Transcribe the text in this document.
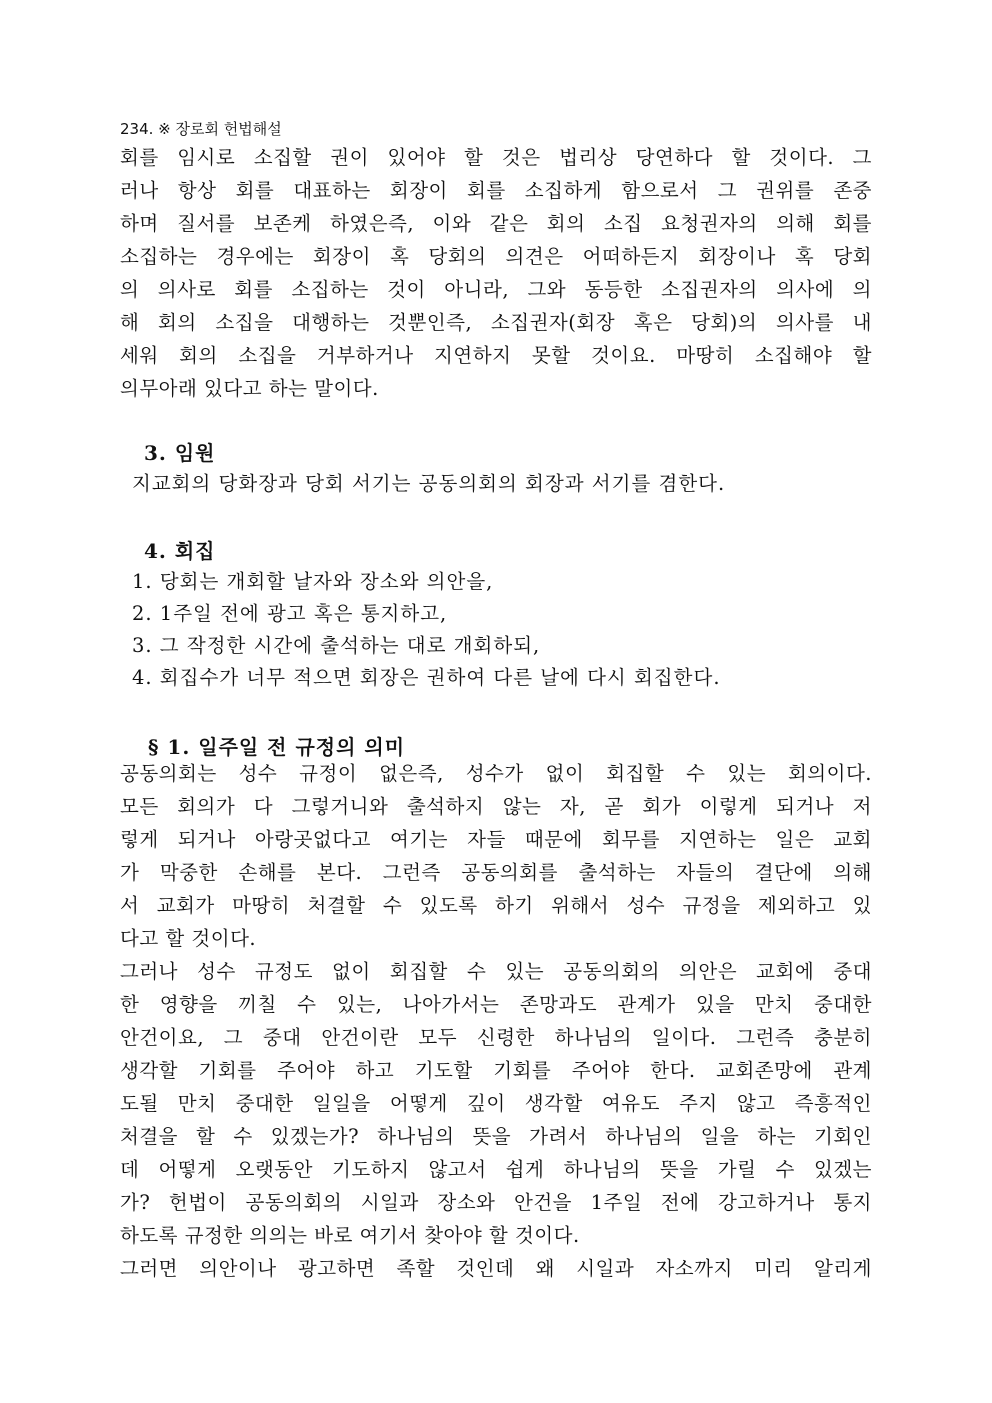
234. ※ 장로회 헌법해설
회를 임시로 소집할 권이 있어야 할 것은 법리상 당연하다 할 것이다. 그
러나 항상 회를 대표하는 회장이 회를 소집하게 함으로서 그 권위를 존중
하며 질서를 보존케 하였은즉, 이와 같은 회의 소집 요청권자의 의해 회를
소집하는 경우에는 회장이 혹 당회의 의견은 어떠하든지 회장이나 혹 당회
의 의사로 회를 소집하는 것이 아니라, 그와 동등한 소집권자의 의사에 의
해 회의 소집을 대행하는 것뿐인즉, 소집권자(회장 혹은 당회)의 의사를 내
세워 회의 소집을 거부하거나 지연하지 못할 것이요. 마땅히 소집해야 할
의무아래 있다고 하는 말이다.
3. 임원
지교회의 당화장과 당회 서기는 공동의회의 회장과 서기를 겸한다.
4. 회집
1. 당회는 개회할 날자와 장소와 의안을,
2. 1주일 전에 광고 혹은 통지하고,
3. 그 작정한 시간에 출석하는 대로 개회하되,
4. 회집수가 너무 적으면 회장은 권하여 다른 날에 다시 회집한다.
§ 1. 일주일 전 규정의 의미
공동의회는 성수 규정이 없은즉, 성수가 없이 회집할 수 있는 회의이다.
모든 회의가 다 그렇거니와 출석하지 않는 자, 곧 회가 이렇게 되거나 저
렇게 되거나 아랑곳없다고 여기는 자들 때문에 회무를 지연하는 일은 교회
가 막중한 손해를 본다. 그런즉 공동의회를 출석하는 자들의 결단에 의해
서 교회가 마땅히 처결할 수 있도록 하기 위해서 성수 규정을 제외하고 있
다고 할 것이다.
그러나 성수 규정도 없이 회집할 수 있는 공동의회의 의안은 교회에 중대
한 영향을 끼칠 수 있는, 나아가서는 존망과도 관계가 있을 만치 중대한
안건이요, 그 중대 안건이란 모두 신령한 하나님의 일이다. 그런즉 충분히
생각할 기회를 주어야 하고 기도할 기회를 주어야 한다. 교회존망에 관계
도될 만치 중대한 일일을 어떻게 깊이 생각할 여유도 주지 않고 즉흥적인
처결을 할 수 있겠는가? 하나님의 뜻을 가려서 하나님의 일을 하는 기회인
데 어떻게 오랫동안 기도하지 않고서 쉽게 하나님의 뜻을 가릴 수 있겠는
가? 헌법이 공동의회의 시일과 장소와 안건을 1주일 전에 강고하거나 통지
하도록 규정한 의의는 바로 여기서 찾아야 할 것이다.
그러면 의안이나 광고하면 족할 것인데 왜 시일과 자소까지 미리 알리게
